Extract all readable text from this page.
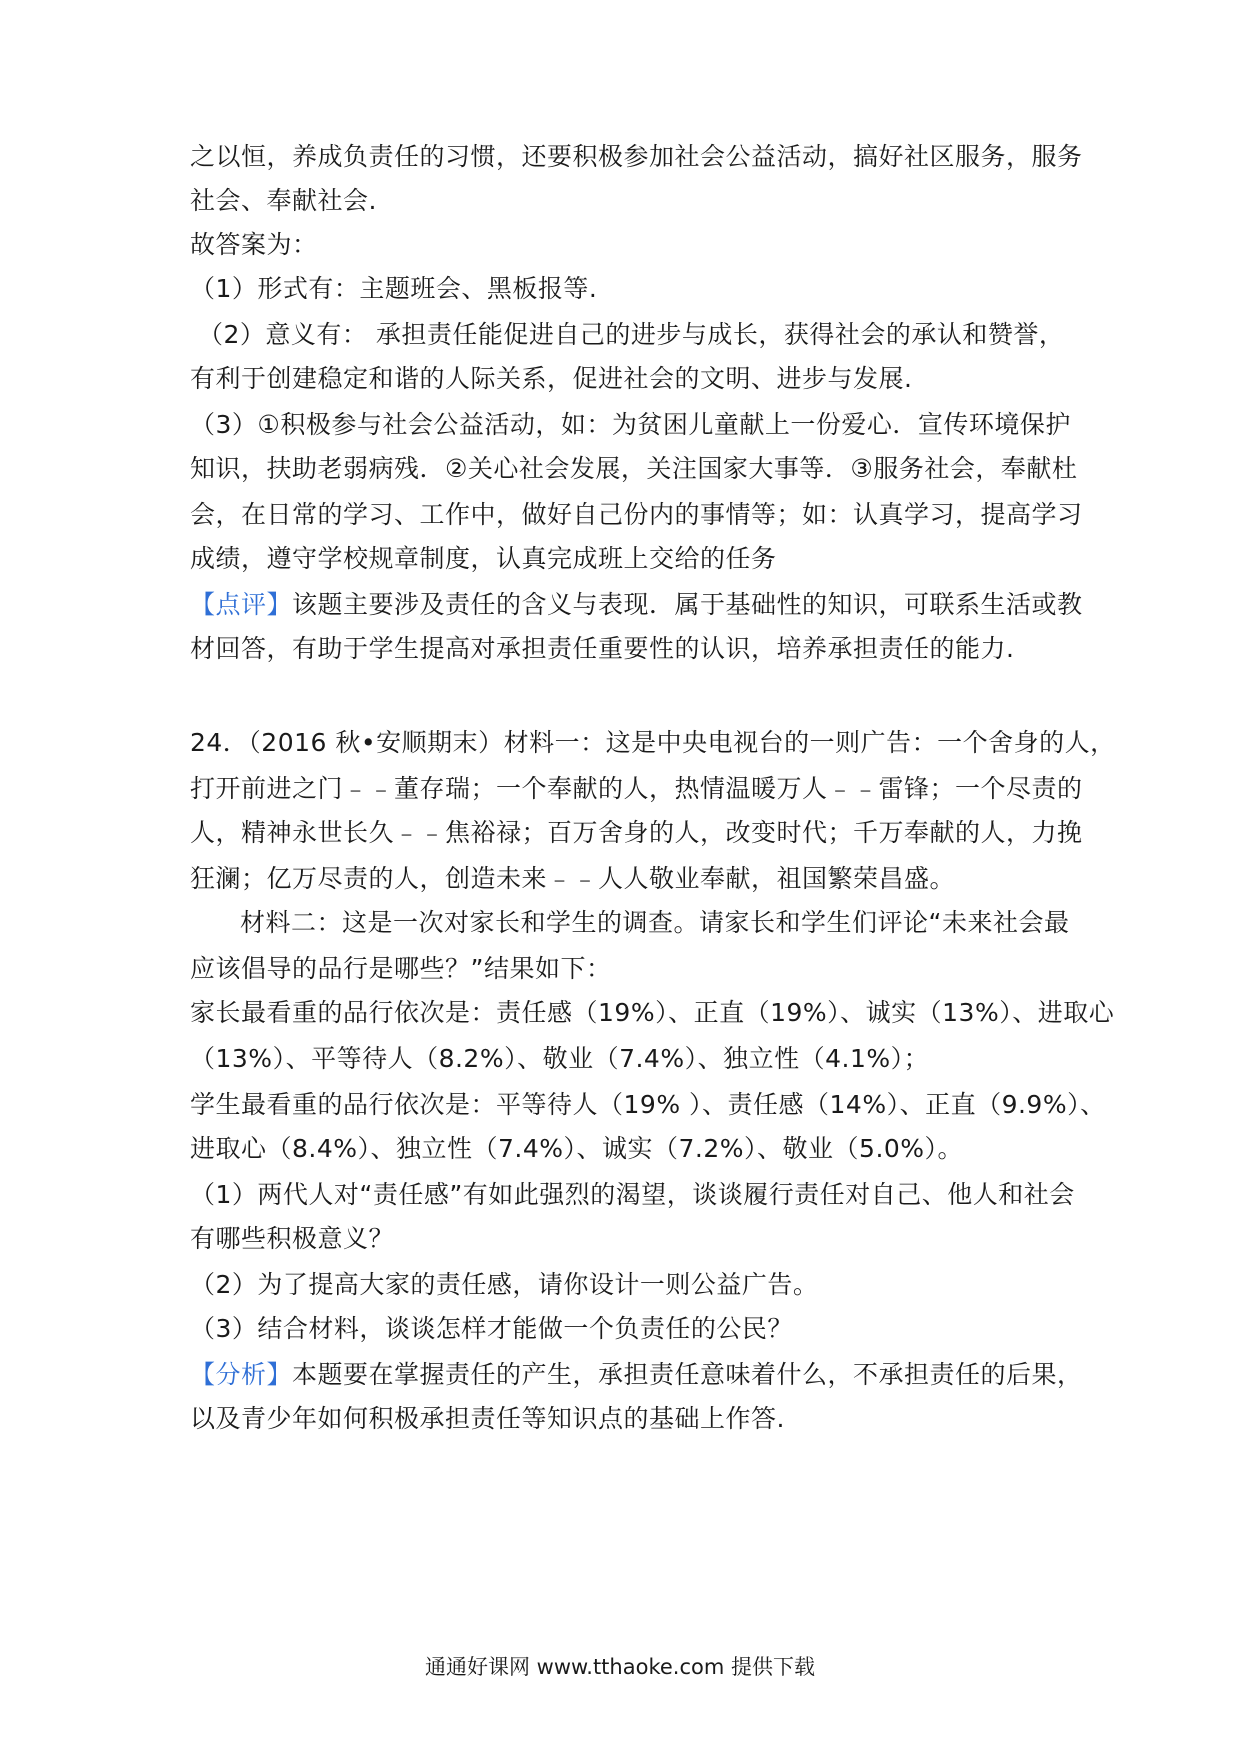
之以恒，养成负责任的习惯，还要积极参加社会公益活动，搞好社区服务，服务

社会、奉献社会.

故答案为：

（1）形式有：主题班会、黑板报等.

（2）意义有： 承担责任能促进自己的进步与成长，获得社会的承认和赞誉，

有利于创建稳定和谐的人际关系，促进社会的文明、进步与发展.

（3）①积极参与社会公益活动，如：为贫困儿童献上一份爱心．宣传环境保护

知识，扶助老弱病残．②关心社会发展，关注国家大事等．③服务社会，奉献杜

会，在日常的学习、工作中，做好自己份内的事情等；如：认真学习，提高学习

成绩，遵守学校规章制度，认真完成班上交给的任务

【点评】该题主要涉及责任的含义与表现．属于基础性的知识，可联系生活或教

材回答，有助于学生提高对承担责任重要性的认识，培养承担责任的能力.

24．（2016 秋•安顺期末）材料一：这是中央电视台的一则广告：一个舍身的人，

打开前进之门﹣﹣董存瑞；一个奉献的人，热情温暖万人﹣﹣雷锋；一个尽责的

人，精神永世长久﹣﹣焦裕禄；百万舍身的人，改变时代；千万奉献的人，力挽

狂澜；亿万尽责的人，创造未来﹣﹣人人敬业奉献，祖国繁荣昌盛。

材料二：这是一次对家长和学生的调查。请家长和学生们评论“未来社会最

应该倡导的品行是哪些？”结果如下：

家长最看重的品行依次是：责任感（19%）、正直（19%）、诚实（13%）、进取心

（13%）、平等待人（8.2%）、敬业（7.4%）、独立性（4.1%）；

学生最看重的品行依次是：平等待人（19% ）、责任感（14%）、正直（9.9%）、

进取心（8.4%）、独立性（7.4%）、诚实（7.2%）、敬业（5.0%）。

（1）两代人对“责任感”有如此强烈的渴望，谈谈履行责任对自己、他人和社会

有哪些积极意义？

（2）为了提高大家的责任感，请你设计一则公益广告。

（3）结合材料，谈谈怎样才能做一个负责任的公民？

【分析】本题要在掌握责任的产生，承担责任意味着什么，不承担责任的后果，

以及青少年如何积极承担责任等知识点的基础上作答.

通通好课网 www.tthaoke.com 提供下载
